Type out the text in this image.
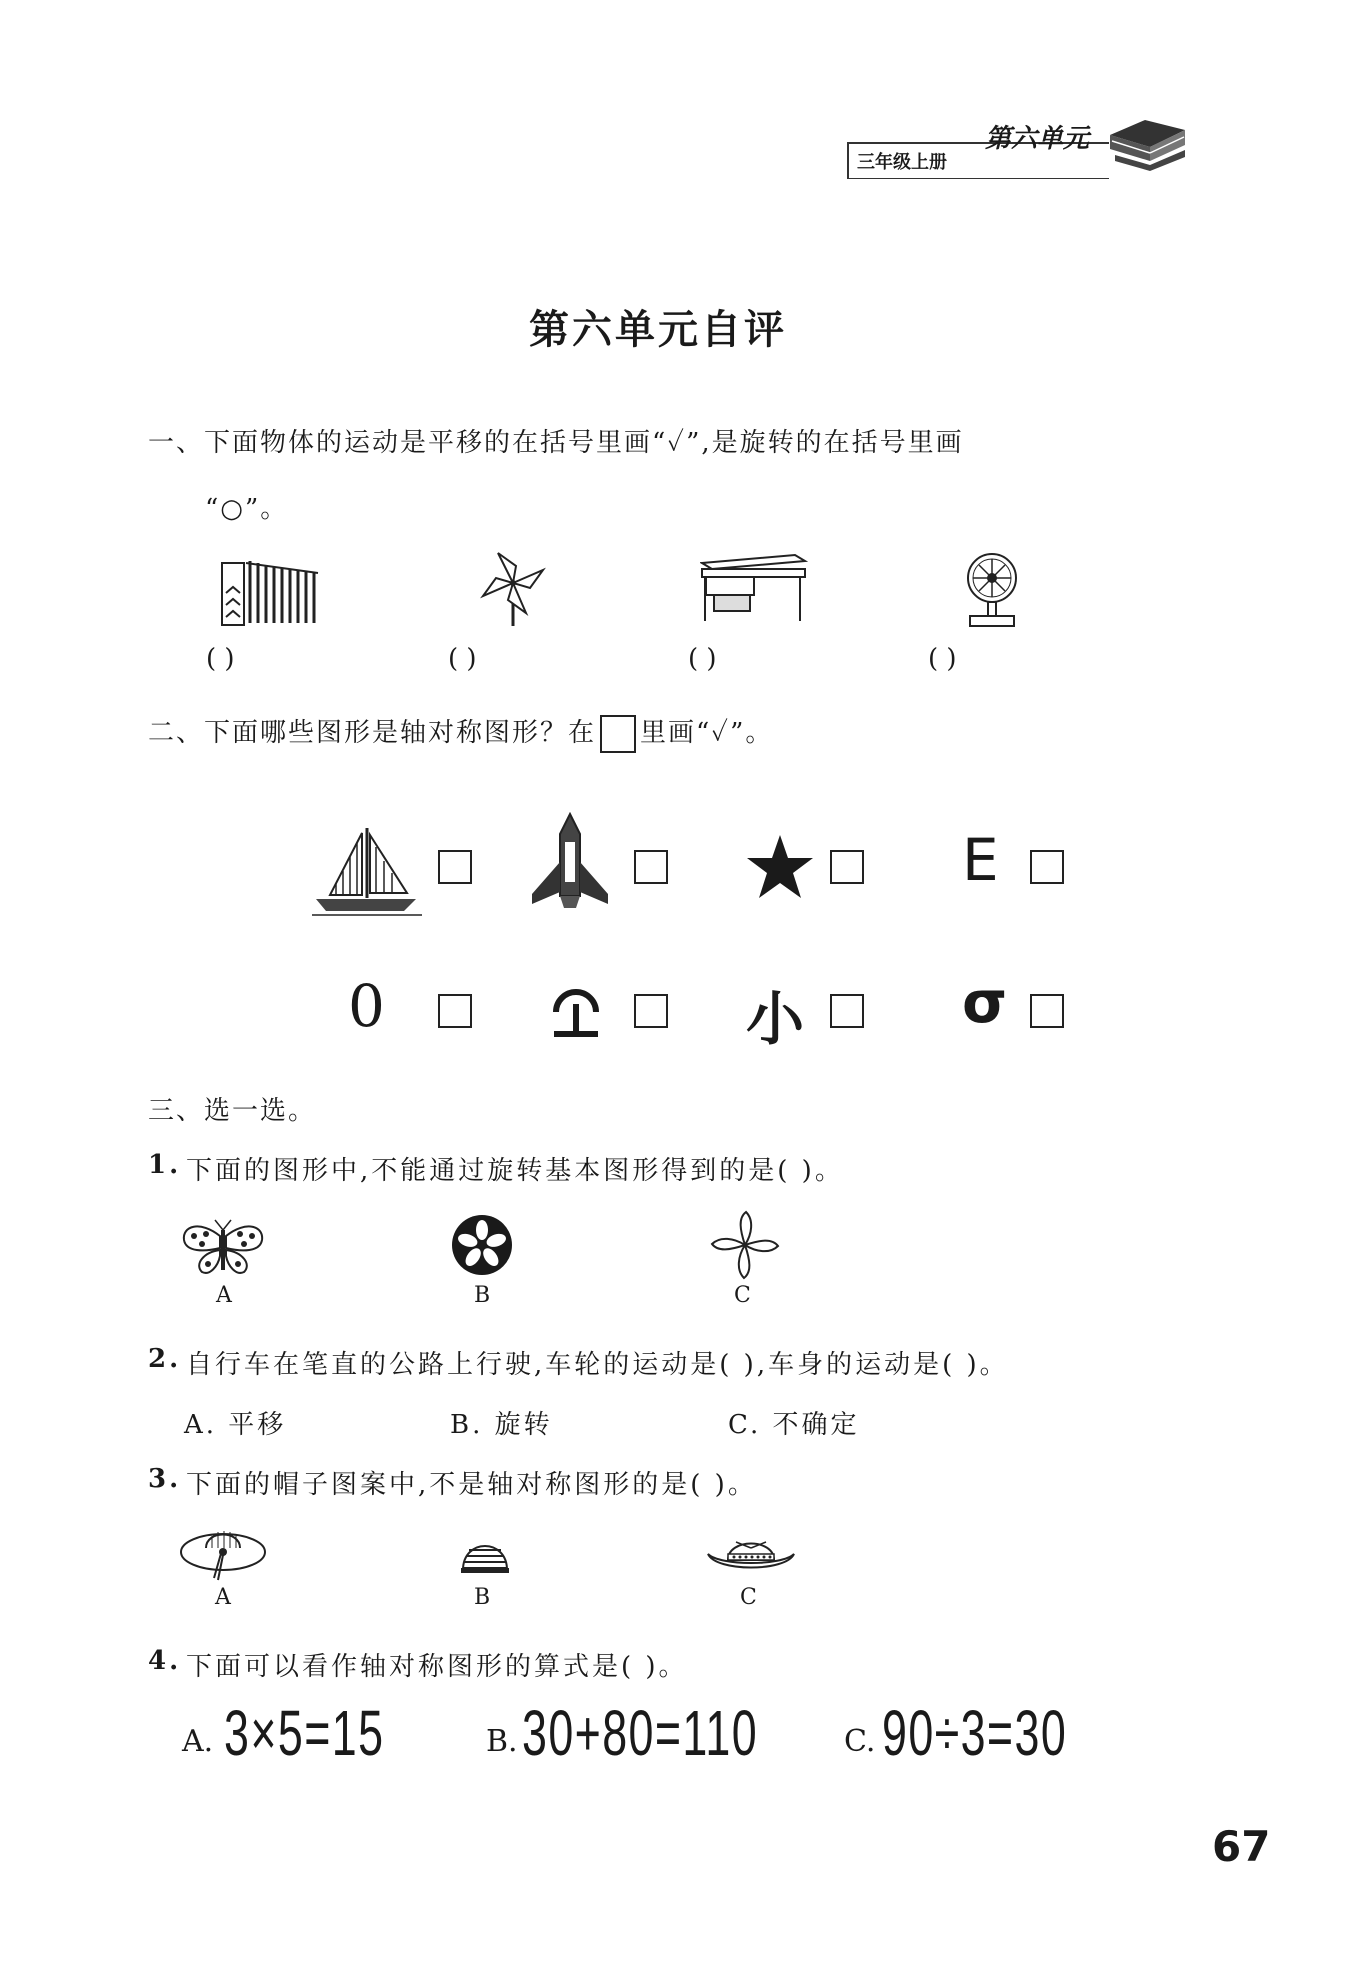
三年级上册
第六单元
第六单元自评
一、下面物体的运动是平移的在括号里画“✓”,是旋转的在括号里画
“○”。
( )	( )	( )	( )
二、下面哪些图形是轴对称图形？在 里画“✓”。
E
0	小	σ
三、选一选。
1. 下面的图形中,不能通过旋转基本图形得到的是( )。
A	B	C
2. 自行车在笔直的公路上行驶,车轮的运动是( ),车身的运动是( )。
A. 平移	B. 旋转	C. 不确定
3. 下面的帽子图案中,不是轴对称图形的是( )。
A	B	C
4. 下面可以看作轴对称图形的算式是( )。
A. 3×5=15	B. 30+80=110	C. 90÷3=30
67
